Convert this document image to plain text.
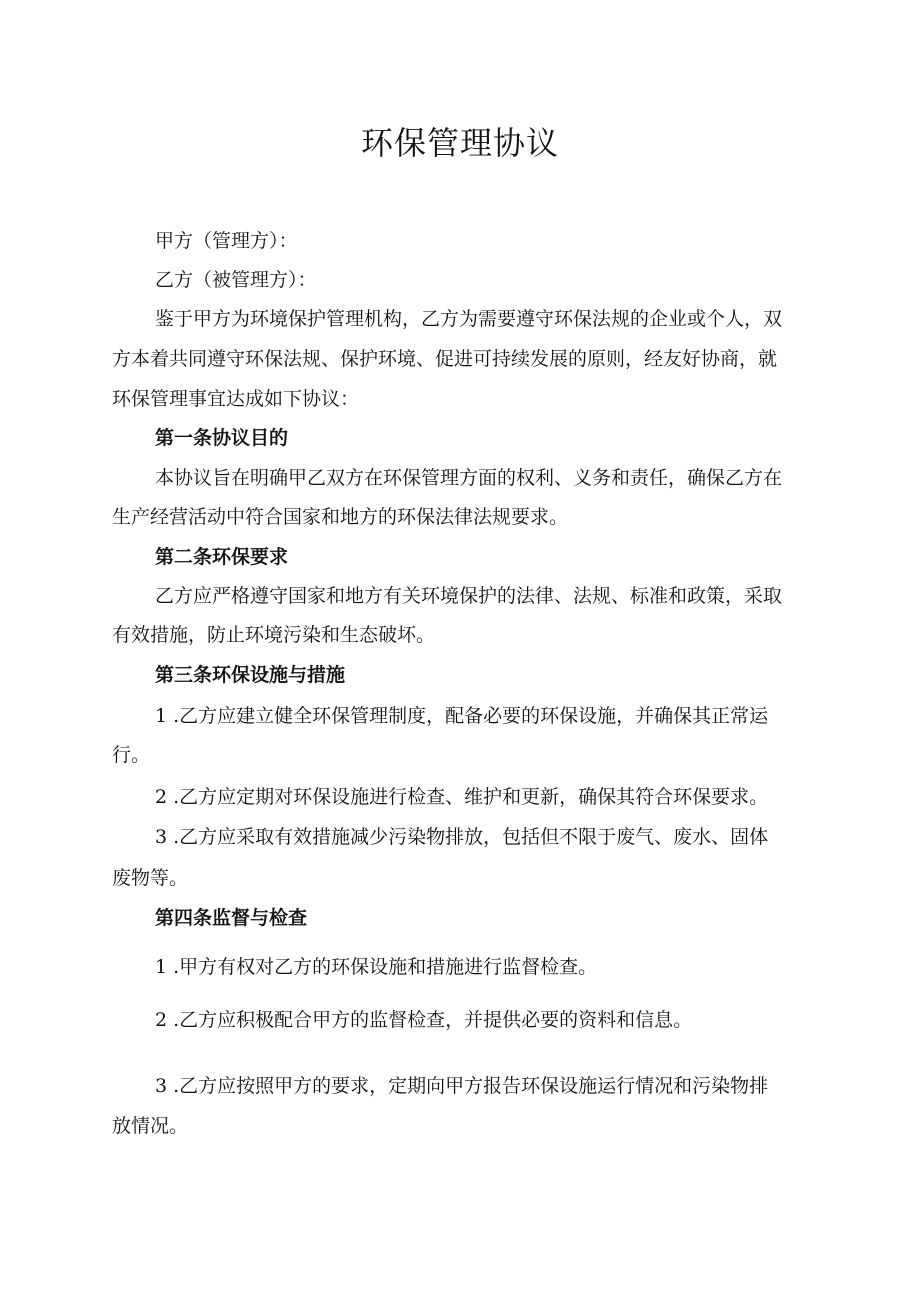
环保管理协议
甲方（管理方）：
乙方（被管理方）：
鉴于甲方为环境保护管理机构，乙方为需要遵守环保法规的企业或个人，双
方本着共同遵守环保法规、保护环境、促进可持续发展的原则，经友好协商，就
环保管理事宜达成如下协议：
第一条协议目的
本协议旨在明确甲乙双方在环保管理方面的权利、义务和责任，确保乙方在
生产经营活动中符合国家和地方的环保法律法规要求。
第二条环保要求
乙方应严格遵守国家和地方有关环境保护的法律、法规、标准和政策，采取
有效措施，防止环境污染和生态破坏。
第三条环保设施与措施
1 .乙方应建立健全环保管理制度，配备必要的环保设施，并确保其正常运
行。
2 .乙方应定期对环保设施进行检查、维护和更新，确保其符合环保要求。
3 .乙方应采取有效措施减少污染物排放，包括但不限于废气、废水、固体
废物等。
第四条监督与检查
1 .甲方有权对乙方的环保设施和措施进行监督检查。
2 .乙方应积极配合甲方的监督检查，并提供必要的资料和信息。
3 .乙方应按照甲方的要求，定期向甲方报告环保设施运行情况和污染物排
放情况。
